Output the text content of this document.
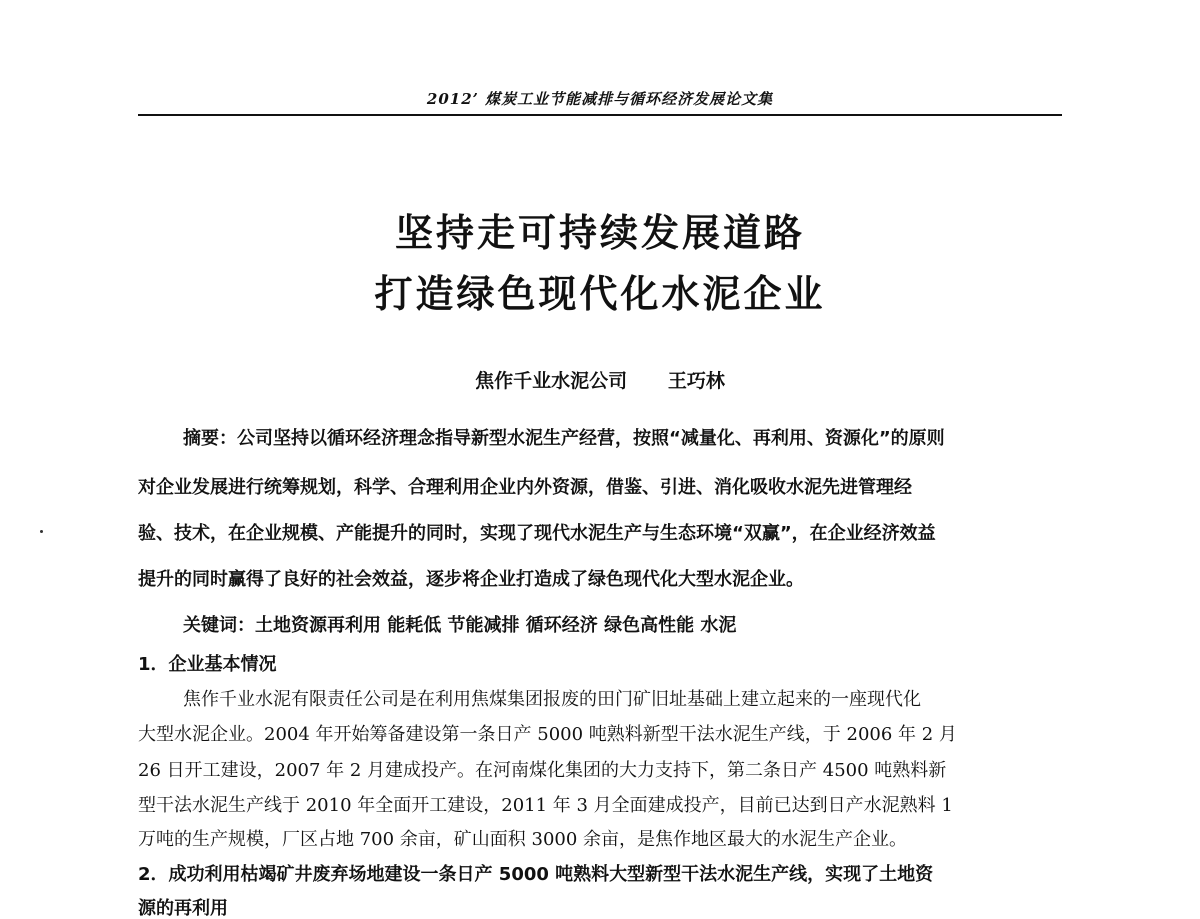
2012’ 煤炭工业节能减排与循环经济发展论文集
坚持走可持续发展道路
打造绿色现代化水泥企业
焦作千业水泥公司 王巧林
摘要：公司坚持以循环经济理念指导新型水泥生产经营，按照“减量化、再利用、资源化”的原则
对企业发展进行统筹规划，科学、合理利用企业内外资源，借鉴、引进、消化吸收水泥先进管理经
验、技术，在企业规模、产能提升的同时，实现了现代水泥生产与生态环境“双赢”，在企业经济效益
提升的同时赢得了良好的社会效益，逐步将企业打造成了绿色现代化大型水泥企业。
关键词：土地资源再利用 能耗低 节能减排 循环经济 绿色高性能 水泥
1．企业基本情况
焦作千业水泥有限责任公司是在利用焦煤集团报废的田门矿旧址基础上建立起来的一座现代化
大型水泥企业。2004 年开始筹备建设第一条日产 5000 吨熟料新型干法水泥生产线，于 2006 年 2 月
26 日开工建设，2007 年 2 月建成投产。在河南煤化集团的大力支持下，第二条日产 4500 吨熟料新
型干法水泥生产线于 2010 年全面开工建设，2011 年 3 月全面建成投产，目前已达到日产水泥熟料 1
万吨的生产规模，厂区占地 700 余亩，矿山面积 3000 余亩，是焦作地区最大的水泥生产企业。
2．成功利用枯竭矿井废弃场地建设一条日产 5000 吨熟料大型新型干法水泥生产线，实现了土地资
源的再利用
